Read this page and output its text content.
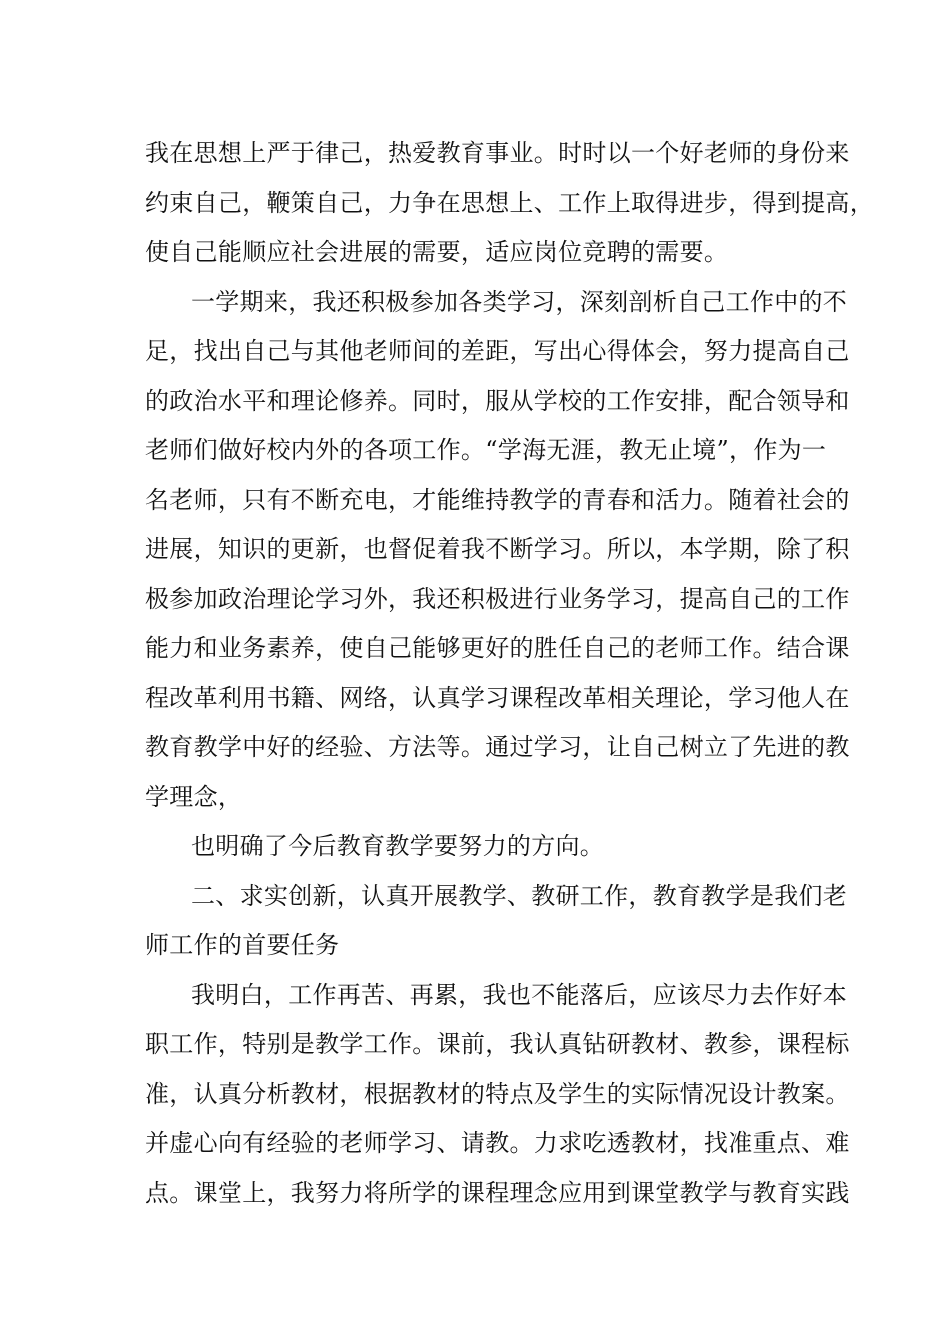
我在思想上严于律己，热爱教育事业。时时以一个好老师的身份来
约束自己，鞭策自己，力争在思想上、工作上取得进步，得到提高，
使自己能顺应社会进展的需要，适应岗位竞聘的需要。
一学期来，我还积极参加各类学习，深刻剖析自己工作中的不
足，找出自己与其他老师间的差距，写出心得体会，努力提高自己
的政治水平和理论修养。同时，服从学校的工作安排，配合领导和
老师们做好校内外的各项工作。“学海无涯，教无止境”，作为一
名老师，只有不断充电，才能维持教学的青春和活力。随着社会的
进展，知识的更新，也督促着我不断学习。所以，本学期，除了积
极参加政治理论学习外，我还积极进行业务学习，提高自己的工作
能力和业务素养，使自己能够更好的胜任自己的老师工作。结合课
程改革利用书籍、网络，认真学习课程改革相关理论，学习他人在
教育教学中好的经验、方法等。通过学习，让自己树立了先进的教
学理念，
也明确了今后教育教学要努力的方向。
二、求实创新，认真开展教学、教研工作，教育教学是我们老
师工作的首要任务
我明白，工作再苦、再累，我也不能落后，应该尽力去作好本
职工作，特别是教学工作。课前，我认真钻研教材、教参，课程标
准，认真分析教材，根据教材的特点及学生的实际情况设计教案。
并虚心向有经验的老师学习、请教。力求吃透教材，找准重点、难
点。课堂上，我努力将所学的课程理念应用到课堂教学与教育实践
